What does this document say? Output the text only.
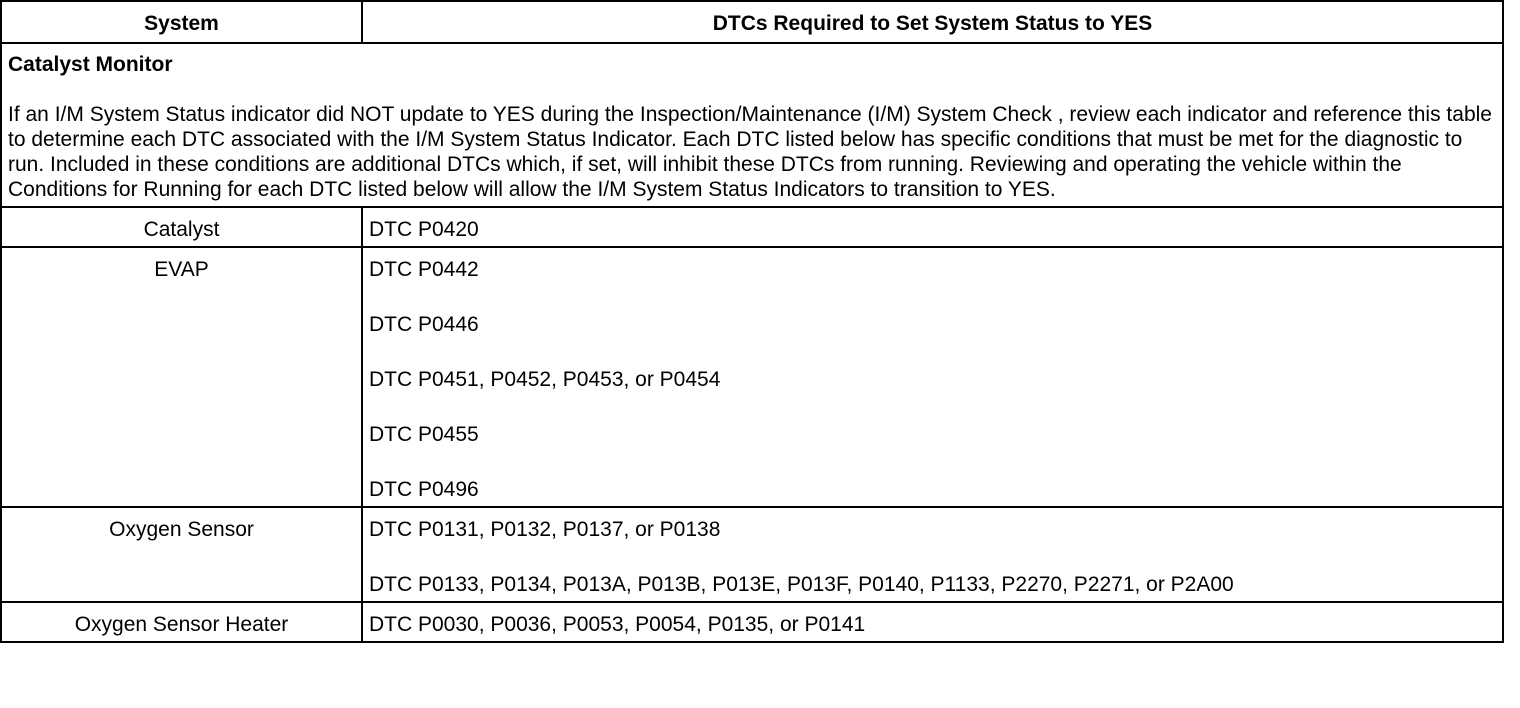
System	DTCs Required to Set System Status to YES

Catalyst Monitor

If an I/M System Status indicator did NOT update to YES during the Inspection/Maintenance (I/M) System Check , review each indicator and reference this table to determine each DTC associated with the I/M System Status Indicator. Each DTC listed below has specific conditions that must be met for the diagnostic to run. Included in these conditions are additional DTCs which, if set, will inhibit these DTCs from running. Reviewing and operating the vehicle within the Conditions for Running for each DTC listed below will allow the I/M System Status Indicators to transition to YES.	

Catalyst	DTC P0420

EVAP	DTC P0442
DTC P0446
DTC P0451, P0452, P0453, or P0454
DTC P0455
DTC P0496

Oxygen Sensor	DTC P0131, P0132, P0137, or P0138
DTC P0133, P0134, P013A, P013B, P013E, P013F, P0140, P1133, P2270, P2271, or P2A00

Oxygen Sensor Heater	DTC P0030, P0036, P0053, P0054, P0135, or P0141
